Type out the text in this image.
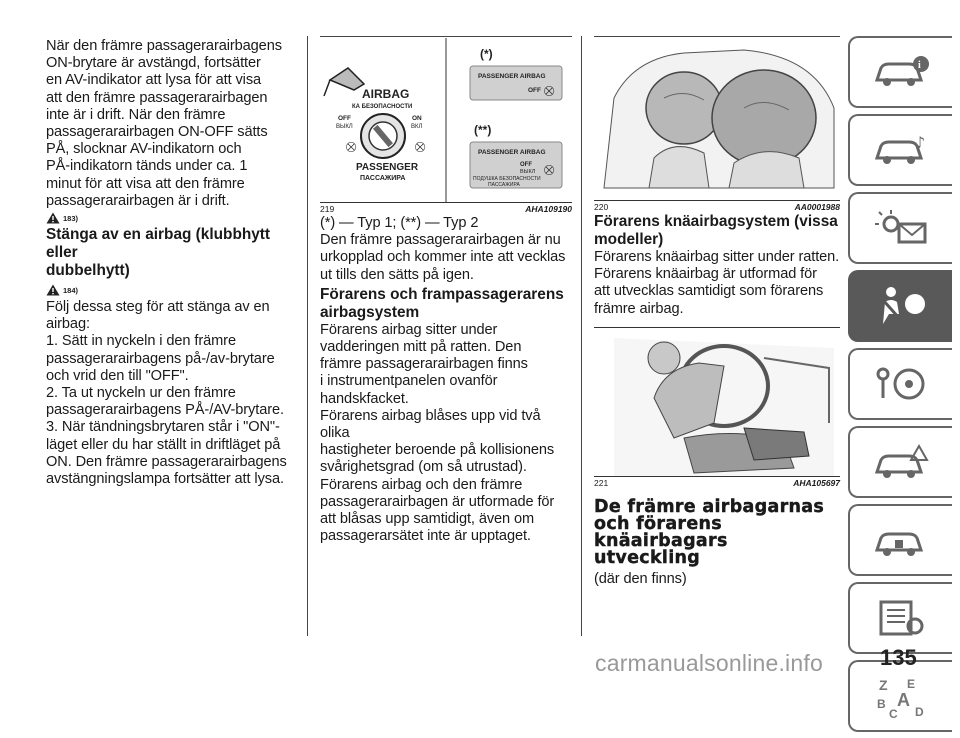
När den främre passagerarairbagens
ON-brytare är avstängd, fortsätter
en AV-indikator att lysa för att visa
att den främre passagerarairbagen
inte är i drift. När den främre
passagerarairbagen ON-OFF sätts
PÅ, slocknar AV-indikatorn och
PÅ-indikatorn tänds under ca. 1
minut för att visa att den främre
passagerarairbagen är i drift.
183)
Stänga av en airbag (klubbhytt eller
dubbelhytt)
184)
Följ dessa steg för att stänga av en
airbag:
1. Sätt in nyckeln i den främre
passagerarairbagens på-/av-brytare
och vrid den till "OFF".
2. Ta ut nyckeln ur den främre
passagerarairbagens PÅ-/AV-brytare.
3. När tändningsbrytaren står i "ON"-
läget eller du har ställt in driftläget på
ON. Den främre passagerarairbagens
avstängningslampa fortsätter att lysa.
AIRBAG
КА БЕЗОПАСНОСТИ
OFF
ВЫКЛ
ON
ВКЛ
⛒	⛒
PASSENGER
ПАССАЖИРА
(*)
PASSENGER AIRBAG
OFF ⛒
(**)
PASSENGER AIRBAG
OFF
ВЫКЛ ⛒
ПОДУШКА БЕЗОПАСНОСТИ
ПАССАЖИРА
219	AHA109190
(*) — Typ 1; (**) — Typ 2
Den främre passagerarairbagen är nu
urkopplad och kommer inte att vecklas
ut tills den sätts på igen.
Förarens och frampassagerarens
airbagsystem
Förarens airbag sitter under
vadderingen mitt på ratten. Den
främre passagerarairbagen finns
i instrumentpanelen ovanför
handskfacket.
Förarens airbag blåses upp vid två olika
hastigheter beroende på kollisionens
svårighetsgrad (om så utrustad).
Förarens airbag och den främre
passagerarairbagen är utformade för
att blåsas upp samtidigt, även om
passagerarsätet inte är upptaget.
220	AA0001988
Förarens knäairbagsystem (vissa
modeller)
Förarens knäairbag sitter under ratten.
Förarens knäairbag är utformad för
att utvecklas samtidigt som förarens
främre airbag.
221	AHA105697
De främre airbagarnas
och förarens
knäairbagars utveckling
(där den finns)
i
♪
Z E
B A
C D
135
carmanualsonline.info
